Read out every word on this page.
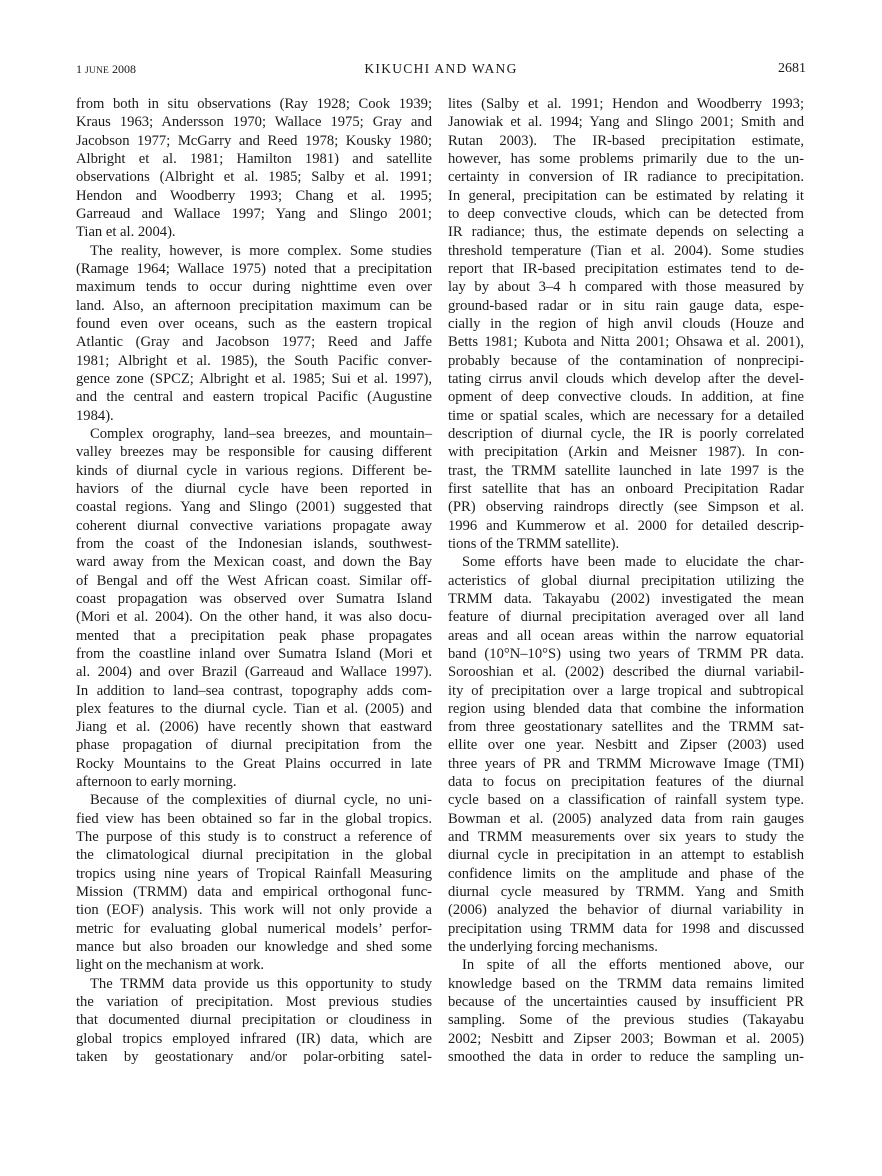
1 JUNE 2008	KIKUCHI AND WANG	2681
from both in situ observations (Ray 1928; Cook 1939;
Kraus 1963; Andersson 1970; Wallace 1975; Gray and
Jacobson 1977; McGarry and Reed 1978; Kousky 1980;
Albright et al. 1981; Hamilton 1981) and satellite
observations (Albright et al. 1985; Salby et al. 1991;
Hendon and Woodberry 1993; Chang et al. 1995;
Garreaud and Wallace 1997; Yang and Slingo 2001;
Tian et al. 2004).
The reality, however, is more complex. Some studies
(Ramage 1964; Wallace 1975) noted that a precipitation
maximum tends to occur during nighttime even over
land. Also, an afternoon precipitation maximum can be
found even over oceans, such as the eastern tropical
Atlantic (Gray and Jacobson 1977; Reed and Jaffe
1981; Albright et al. 1985), the South Pacific conver-
gence zone (SPCZ; Albright et al. 1985; Sui et al. 1997),
and the central and eastern tropical Pacific (Augustine
1984).
Complex orography, land–sea breezes, and mountain–
valley breezes may be responsible for causing different
kinds of diurnal cycle in various regions. Different be-
haviors of the diurnal cycle have been reported in
coastal regions. Yang and Slingo (2001) suggested that
coherent diurnal convective variations propagate away
from the coast of the Indonesian islands, southwest-
ward away from the Mexican coast, and down the Bay
of Bengal and off the West African coast. Similar off-
coast propagation was observed over Sumatra Island
(Mori et al. 2004). On the other hand, it was also docu-
mented that a precipitation peak phase propagates
from the coastline inland over Sumatra Island (Mori et
al. 2004) and over Brazil (Garreaud and Wallace 1997).
In addition to land–sea contrast, topography adds com-
plex features to the diurnal cycle. Tian et al. (2005) and
Jiang et al. (2006) have recently shown that eastward
phase propagation of diurnal precipitation from the
Rocky Mountains to the Great Plains occurred in late
afternoon to early morning.
Because of the complexities of diurnal cycle, no uni-
fied view has been obtained so far in the global tropics.
The purpose of this study is to construct a reference of
the climatological diurnal precipitation in the global
tropics using nine years of Tropical Rainfall Measuring
Mission (TRMM) data and empirical orthogonal func-
tion (EOF) analysis. This work will not only provide a
metric for evaluating global numerical models’ perfor-
mance but also broaden our knowledge and shed some
light on the mechanism at work.
The TRMM data provide us this opportunity to study
the variation of precipitation. Most previous studies
that documented diurnal precipitation or cloudiness in
global tropics employed infrared (IR) data, which are
taken by geostationary and/or polar-orbiting satel-
lites (Salby et al. 1991; Hendon and Woodberry 1993;
Janowiak et al. 1994; Yang and Slingo 2001; Smith and
Rutan 2003). The IR-based precipitation estimate,
however, has some problems primarily due to the un-
certainty in conversion of IR radiance to precipitation.
In general, precipitation can be estimated by relating it
to deep convective clouds, which can be detected from
IR radiance; thus, the estimate depends on selecting a
threshold temperature (Tian et al. 2004). Some studies
report that IR-based precipitation estimates tend to de-
lay by about 3–4 h compared with those measured by
ground-based radar or in situ rain gauge data, espe-
cially in the region of high anvil clouds (Houze and
Betts 1981; Kubota and Nitta 2001; Ohsawa et al. 2001),
probably because of the contamination of nonprecipi-
tating cirrus anvil clouds which develop after the devel-
opment of deep convective clouds. In addition, at fine
time or spatial scales, which are necessary for a detailed
description of diurnal cycle, the IR is poorly correlated
with precipitation (Arkin and Meisner 1987). In con-
trast, the TRMM satellite launched in late 1997 is the
first satellite that has an onboard Precipitation Radar
(PR) observing raindrops directly (see Simpson et al.
1996 and Kummerow et al. 2000 for detailed descrip-
tions of the TRMM satellite).
Some efforts have been made to elucidate the char-
acteristics of global diurnal precipitation utilizing the
TRMM data. Takayabu (2002) investigated the mean
feature of diurnal precipitation averaged over all land
areas and all ocean areas within the narrow equatorial
band (10°N–10°S) using two years of TRMM PR data.
Sorooshian et al. (2002) described the diurnal variabil-
ity of precipitation over a large tropical and subtropical
region using blended data that combine the information
from three geostationary satellites and the TRMM sat-
ellite over one year. Nesbitt and Zipser (2003) used
three years of PR and TRMM Microwave Image (TMI)
data to focus on precipitation features of the diurnal
cycle based on a classification of rainfall system type.
Bowman et al. (2005) analyzed data from rain gauges
and TRMM measurements over six years to study the
diurnal cycle in precipitation in an attempt to establish
confidence limits on the amplitude and phase of the
diurnal cycle measured by TRMM. Yang and Smith
(2006) analyzed the behavior of diurnal variability in
precipitation using TRMM data for 1998 and discussed
the underlying forcing mechanisms.
In spite of all the efforts mentioned above, our
knowledge based on the TRMM data remains limited
because of the uncertainties caused by insufficient PR
sampling. Some of the previous studies (Takayabu
2002; Nesbitt and Zipser 2003; Bowman et al. 2005)
smoothed the data in order to reduce the sampling un-
